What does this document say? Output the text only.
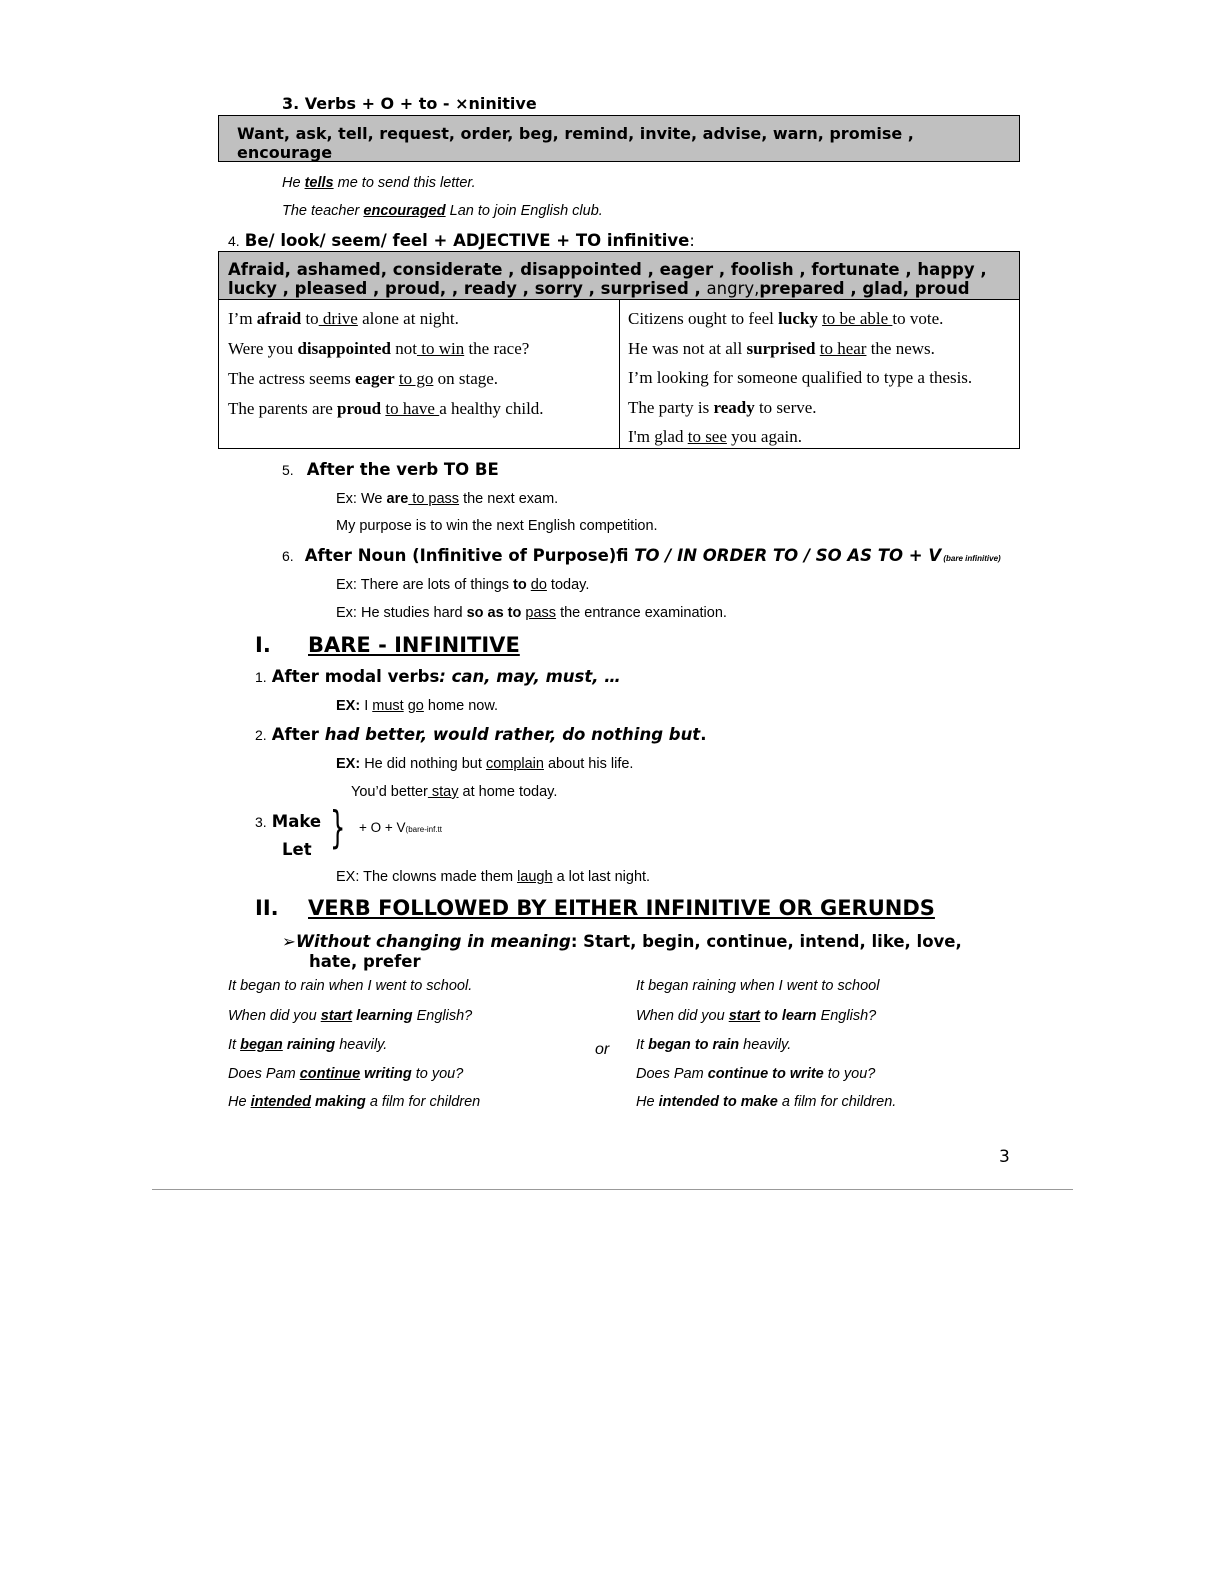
3. Verbs + O + to - ×ninitive
Want, ask, tell, request, order, beg, remind, invite, advise, warn, promise , encourage
He tells me to send this letter.
The teacher encouraged Lan to join English club.
4. Be/ look/ seem/ feel + ADJECTIVE + TO infinitive:
Afraid, ashamed, considerate , disappointed , eager , foolish , fortunate , happy ,
lucky , pleased , proud, , ready , sorry , surprised , angry,prepared , glad, proud
I’m afraid to drive alone at night.
Were you disappointed not to win the race?
The actress seems eager to go on stage.
The parents are proud to have a healthy child.
Citizens ought to feel lucky to be able to vote.
He was not at all surprised to hear the news.
I’m looking for someone qualified to type a thesis.
The party is ready to serve.
I'm glad to see you again.
5. After the verb TO BE
Ex: We are to pass the next exam.
My purpose is to win the next English competition.
6. After Noun (Infinitive of Purpose)ﬁ TO / IN ORDER TO / SO AS TO + V (bare infinitive)
Ex: There are lots of things to do today.
Ex: He studies hard so as to pass the entrance examination.
I. BARE - INFINITIVE
1. After modal verbs: can, may, must, …
EX: I must go home now.
2. After had better, would rather, do nothing but.
EX: He did nothing but complain about his life.
You’d better stay at home today.
3. Make
Let } + O + V(bare-inf.tt
EX: The clowns made them laugh a lot last night.
II. VERB FOLLOWED BY EITHER INFINITIVE OR GERUNDS
➢Without changing in meaning: Start, begin, continue, intend, like, love,
hate, prefer
It began to rain when I went to school.
When did you start learning English?
It began raining heavily.
Does Pam continue writing to you?
He intended making a film for children
It began raining when I went to school
When did you start to learn English?
It began to rain heavily.
Does Pam continue to write to you?
He intended to make a film for children.
or
3
